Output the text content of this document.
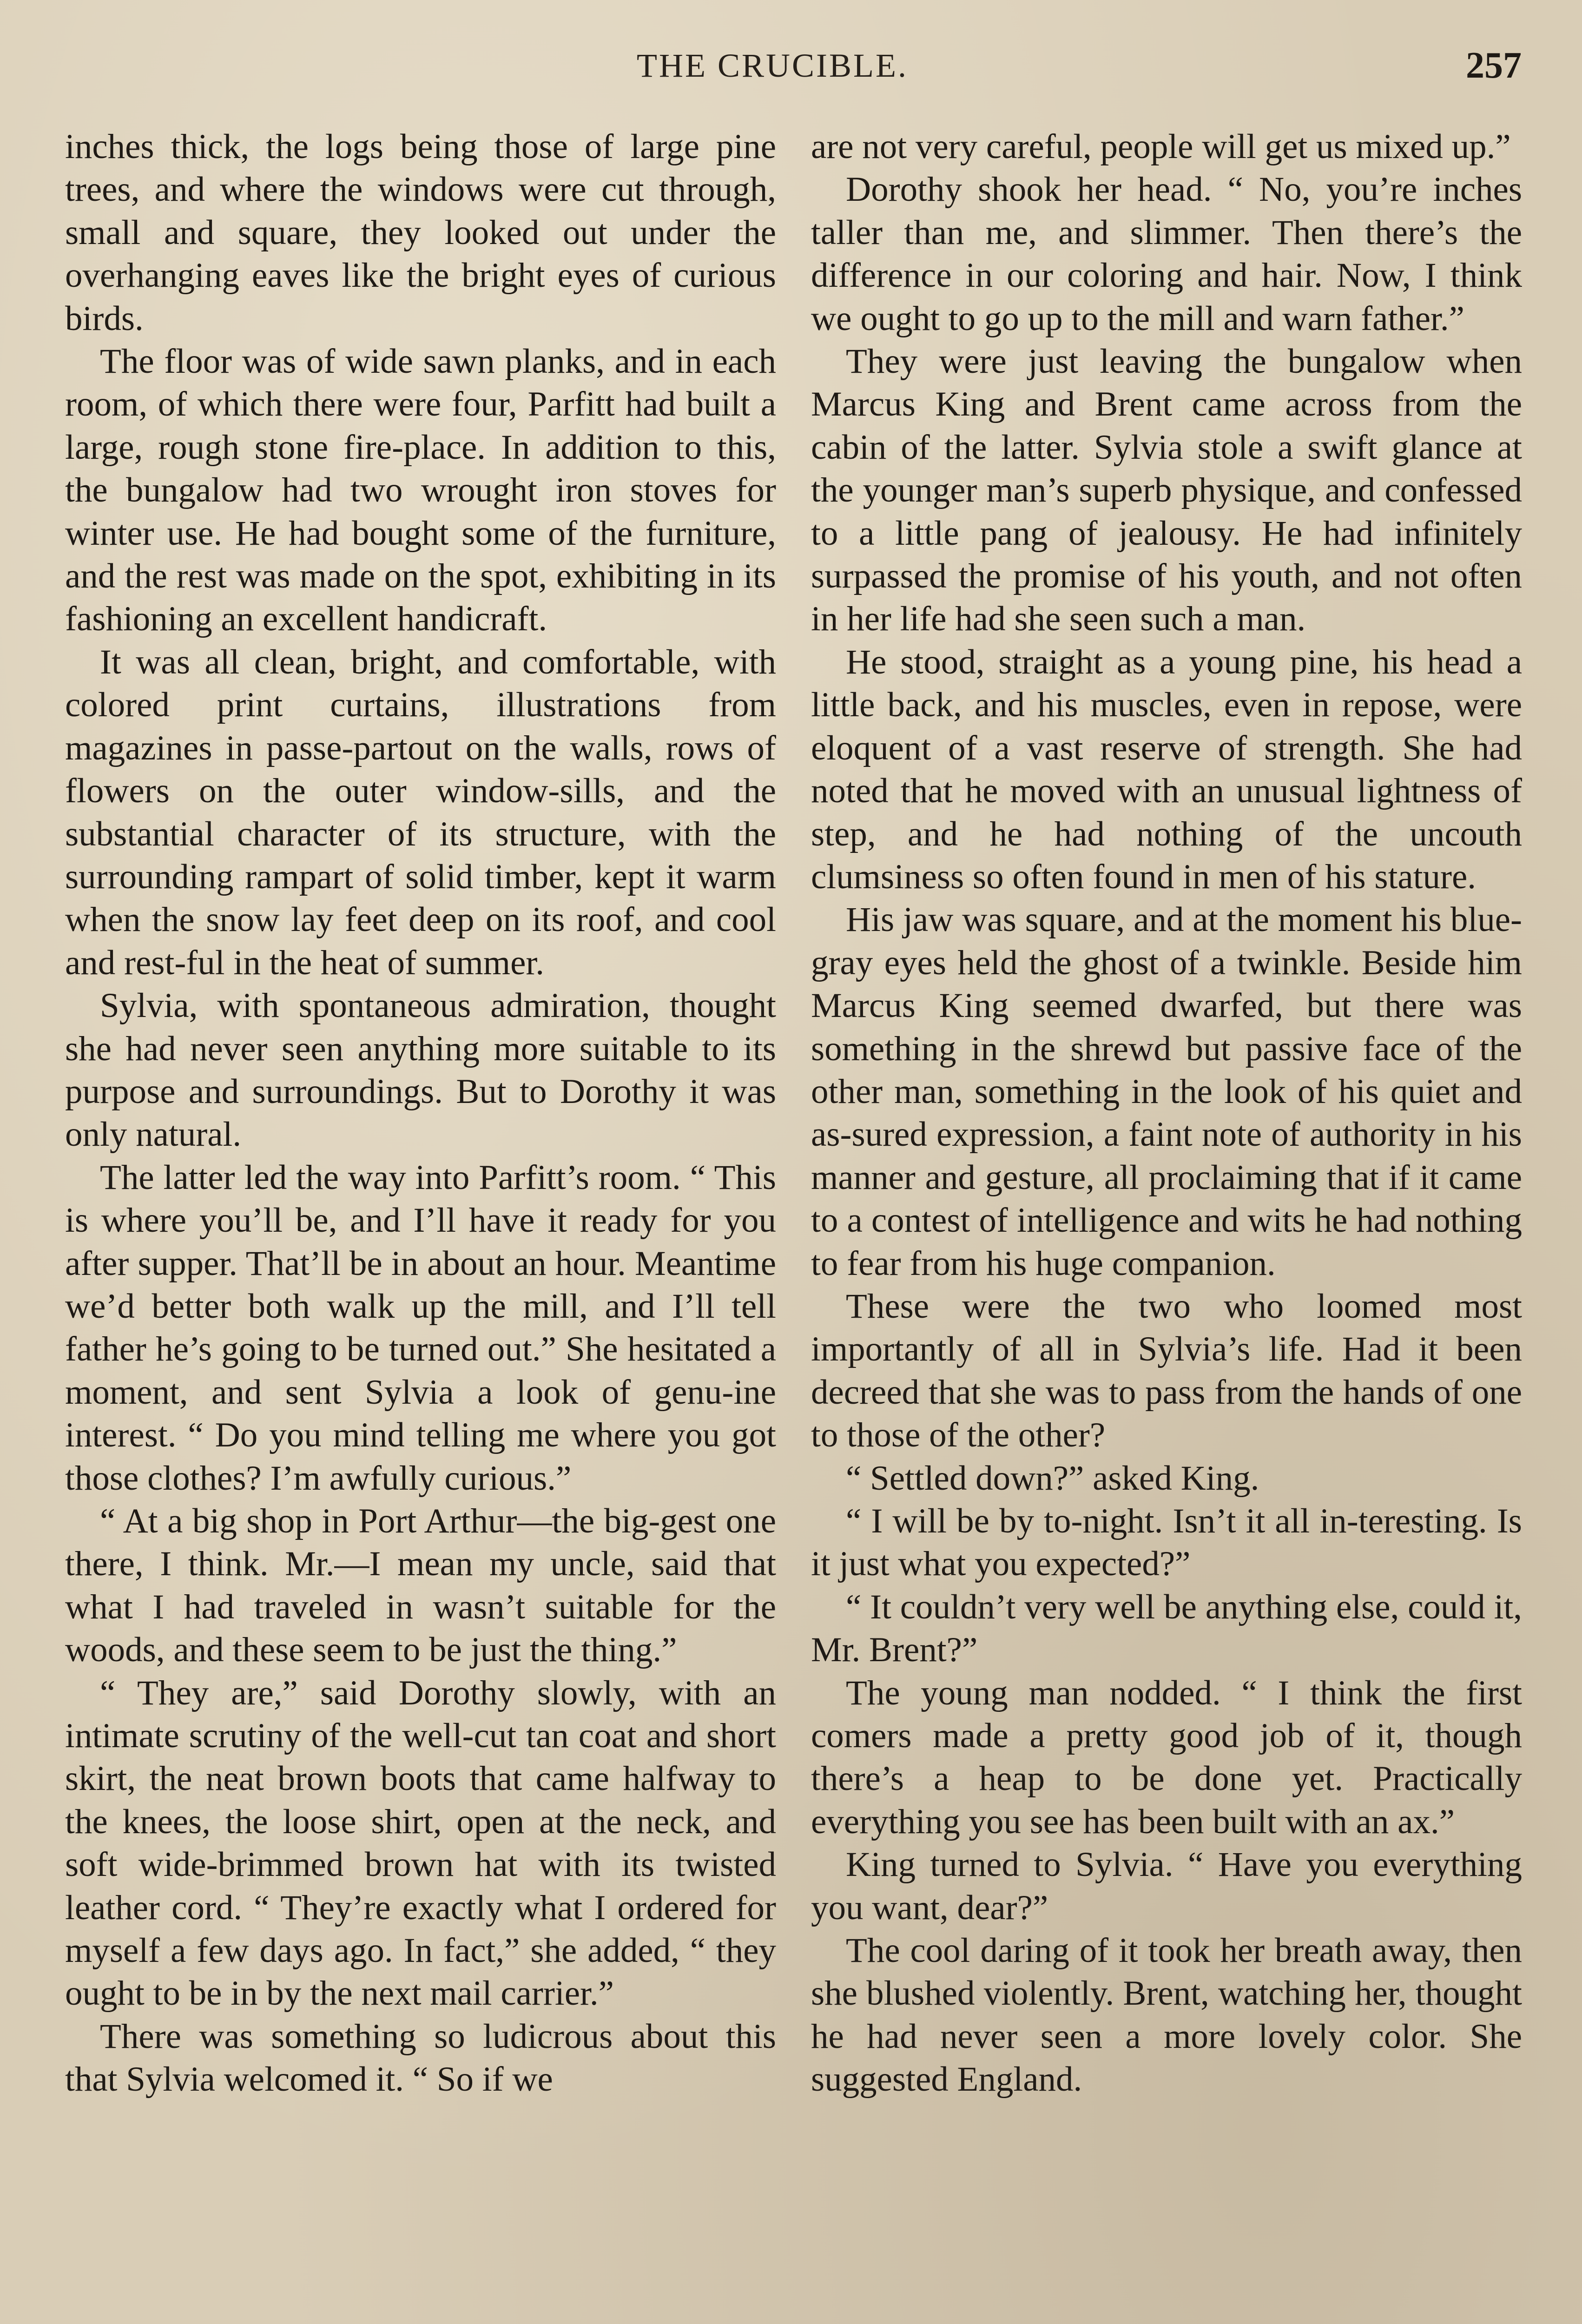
THE CRUCIBLE.	257

inches thick, the logs being those of large pine trees, and where the windows were cut through, small and square, they looked out under the overhanging eaves like the bright eyes of curious birds.

The floor was of wide sawn planks, and in each room, of which there were four, Parfitt had built a large, rough stone fire-place. In addition to this, the bungalow had two wrought iron stoves for winter use. He had bought some of the furniture, and the rest was made on the spot, exhibiting in its fashioning an excellent handicraft.

It was all clean, bright, and comfortable, with colored print curtains, illustrations from magazines in passe-partout on the walls, rows of flowers on the outer window-sills, and the substantial character of its structure, with the surrounding rampart of solid timber, kept it warm when the snow lay feet deep on its roof, and cool and rest-ful in the heat of summer.

Sylvia, with spontaneous admiration, thought she had never seen anything more suitable to its purpose and surroundings. But to Dorothy it was only natural.

The latter led the way into Parfitt’s room. “ This is where you’ll be, and I’ll have it ready for you after supper. That’ll be in about an hour. Meantime we’d better both walk up the mill, and I’ll tell father he’s going to be turned out.” She hesitated a moment, and sent Sylvia a look of genu-ine interest. “ Do you mind telling me where you got those clothes? I’m awfully curious.”

“ At a big shop in Port Arthur—the big-gest one there, I think. Mr.—I mean my uncle, said that what I had traveled in wasn’t suitable for the woods, and these seem to be just the thing.”

“ They are,” said Dorothy slowly, with an intimate scrutiny of the well-cut tan coat and short skirt, the neat brown boots that came halfway to the knees, the loose shirt, open at the neck, and soft wide-brimmed brown hat with its twisted leather cord. “ They’re exactly what I ordered for myself a few days ago. In fact,” she added, “ they ought to be in by the next mail carrier.”

There was something so ludicrous about this that Sylvia welcomed it. “ So if we

are not very careful, people will get us mixed up.”

Dorothy shook her head. “ No, you’re inches taller than me, and slimmer. Then there’s the difference in our coloring and hair. Now, I think we ought to go up to the mill and warn father.”

They were just leaving the bungalow when Marcus King and Brent came across from the cabin of the latter. Sylvia stole a swift glance at the younger man’s superb physique, and confessed to a little pang of jealousy. He had infinitely surpassed the promise of his youth, and not often in her life had she seen such a man.

He stood, straight as a young pine, his head a little back, and his muscles, even in repose, were eloquent of a vast reserve of strength. She had noted that he moved with an unusual lightness of step, and he had nothing of the uncouth clumsiness so often found in men of his stature.

His jaw was square, and at the moment his blue-gray eyes held the ghost of a twinkle. Beside him Marcus King seemed dwarfed, but there was something in the shrewd but passive face of the other man, something in the look of his quiet and as-sured expression, a faint note of authority in his manner and gesture, all proclaiming that if it came to a contest of intelligence and wits he had nothing to fear from his huge companion.

These were the two who loomed most importantly of all in Sylvia’s life. Had it been decreed that she was to pass from the hands of one to those of the other?

“ Settled down?” asked King.

“ I will be by to-night. Isn’t it all in-teresting. Is it just what you expected?”

“ It couldn’t very well be anything else, could it, Mr. Brent?”

The young man nodded. “ I think the first comers made a pretty good job of it, though there’s a heap to be done yet. Practically everything you see has been built with an ax.”

King turned to Sylvia. “ Have you everything you want, dear?”

The cool daring of it took her breath away, then she blushed violently. Brent, watching her, thought he had never seen a more lovely color. She suggested England.
